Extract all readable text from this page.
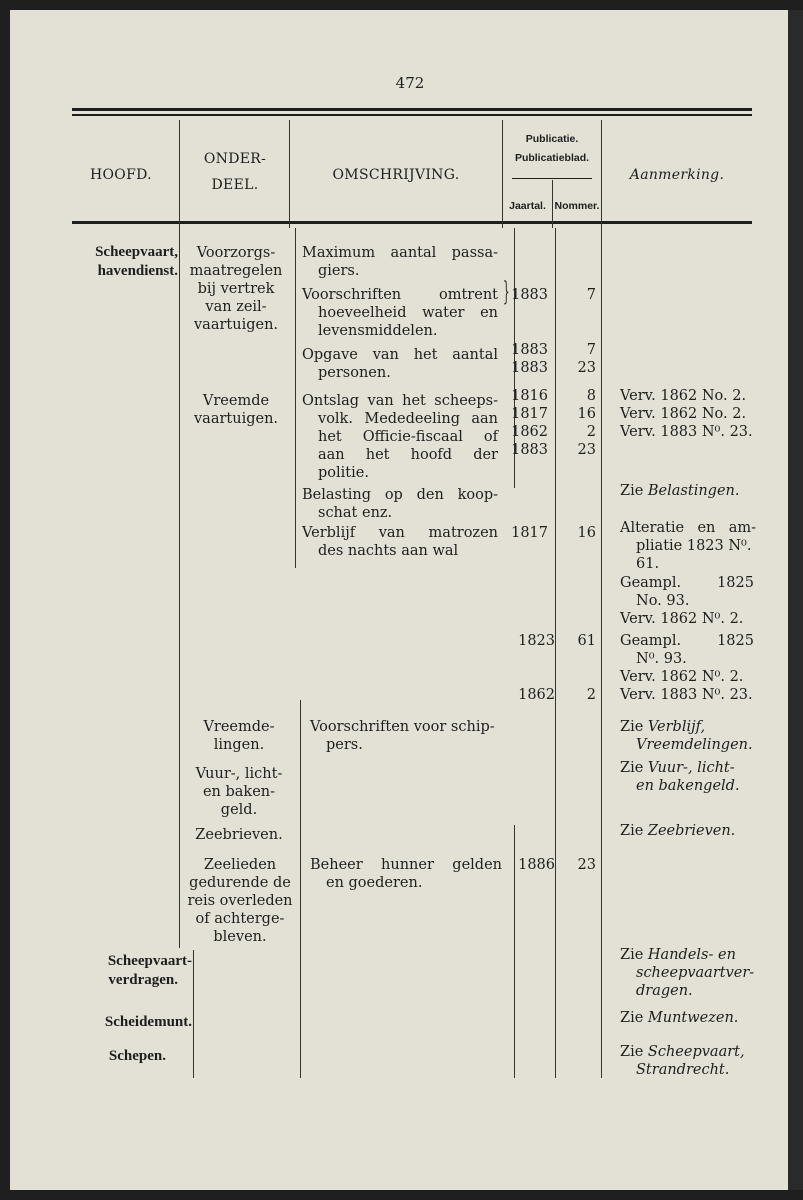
472
HOOFD.
ONDER-
DEEL.
OMSCHRIJVING.
Publicatie.
Publicatieblad.
Jaartal. Nommer.
Aanmerking.
Scheepvaart,
havendienst.
Scheepvaart-
verdragen.
Scheidemunt.
Schepen.
Voorzorgs-
maatregelen
bij vertrek
van zeil-
vaartuigen.
Vreemde
vaartuigen.
Vreemde-
lingen.
Vuur-, licht-
en baken-
geld.
Zeebrieven.
Zeelieden
gedurende de
reis overleden
of achterge-
bleven.
Maximum aantal passa-
giers.
Voorschriften omtrent
hoeveelheid water en
levensmiddelen.
}
Opgave van het aantal
personen.
Ontslag van het scheeps-
volk. Mededeeling aan
het Officie-fiscaal of
aan het hoofd der
politie.
Belasting op den koop-
schat enz.
Verblijf van matrozen
des nachts aan wal
Voorschriften voor schip-
pers.
Beheer hunner gelden
en goederen.
1883
1883
1883
1816
1817
1862
1883
1817
1823
1862
1886
7
7
23
8
16
2
23
16
61
2
23
Verv. 1862 No. 2.
Verv. 1862 No. 2.
Verv. 1883 N⁰. 23.
Zie Belastingen.
Alteratie en am-
pliatie 1823 N⁰.
61.
Geampl. 1825
No. 93.
Verv. 1862 N⁰. 2.
Geampl. 1825
N⁰. 93.
Verv. 1862 N⁰. 2.
Verv. 1883 N⁰. 23.
Zie Verblijf,
Vreemdelingen.
Zie Vuur-, licht-
en bakengeld.
Zie Zeebrieven.
Zie Handels- en
scheepvaartver-
dragen.
Zie Muntwezen.
Zie Scheepvaart,
Strandrecht.
